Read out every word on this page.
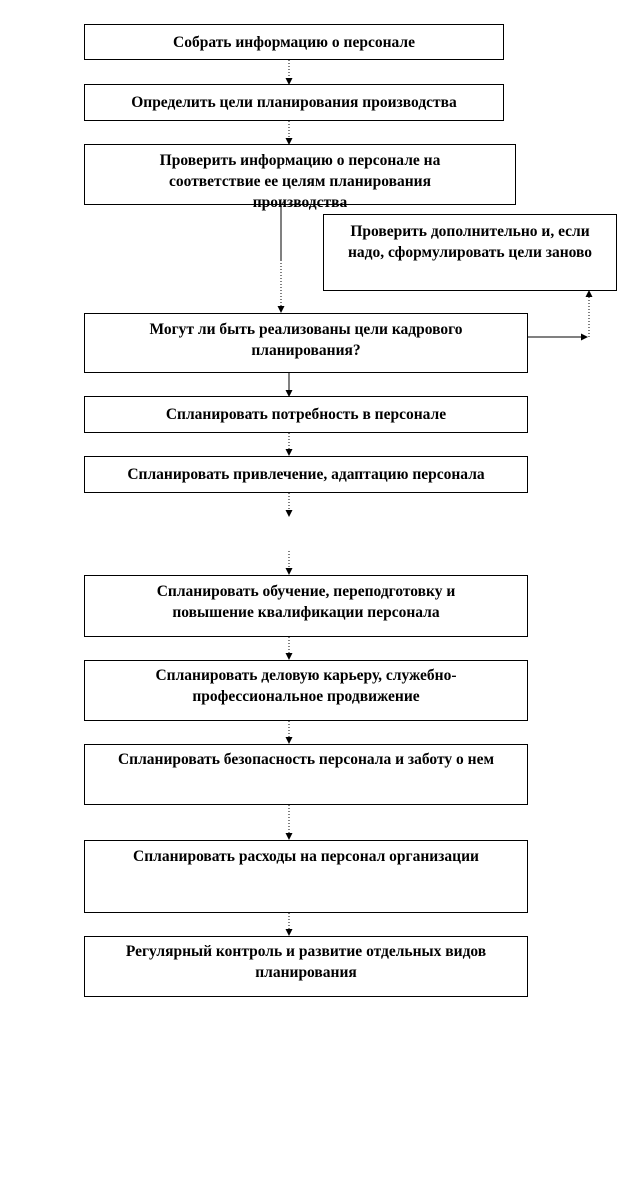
Собрать информацию о персонале
Определить цели планирования производства
Проверить информацию о персонале на соответствие ее целям планирования производства
Проверить дополнительно и, если надо, сформулировать цели заново
Могут ли быть реализованы цели кадрового планирования?
Спланировать потребность в персонале
Спланировать привлечение, адаптацию персонала
Спланировать обучение, переподготовку и повышение квалификации персонала
Спланировать деловую карьеру, служебно-профессиональное продвижение
Спланировать безопасность персонала и заботу о нем
Спланировать расходы на персонал организации
Регулярный контроль и развитие отдельных видов планирования
